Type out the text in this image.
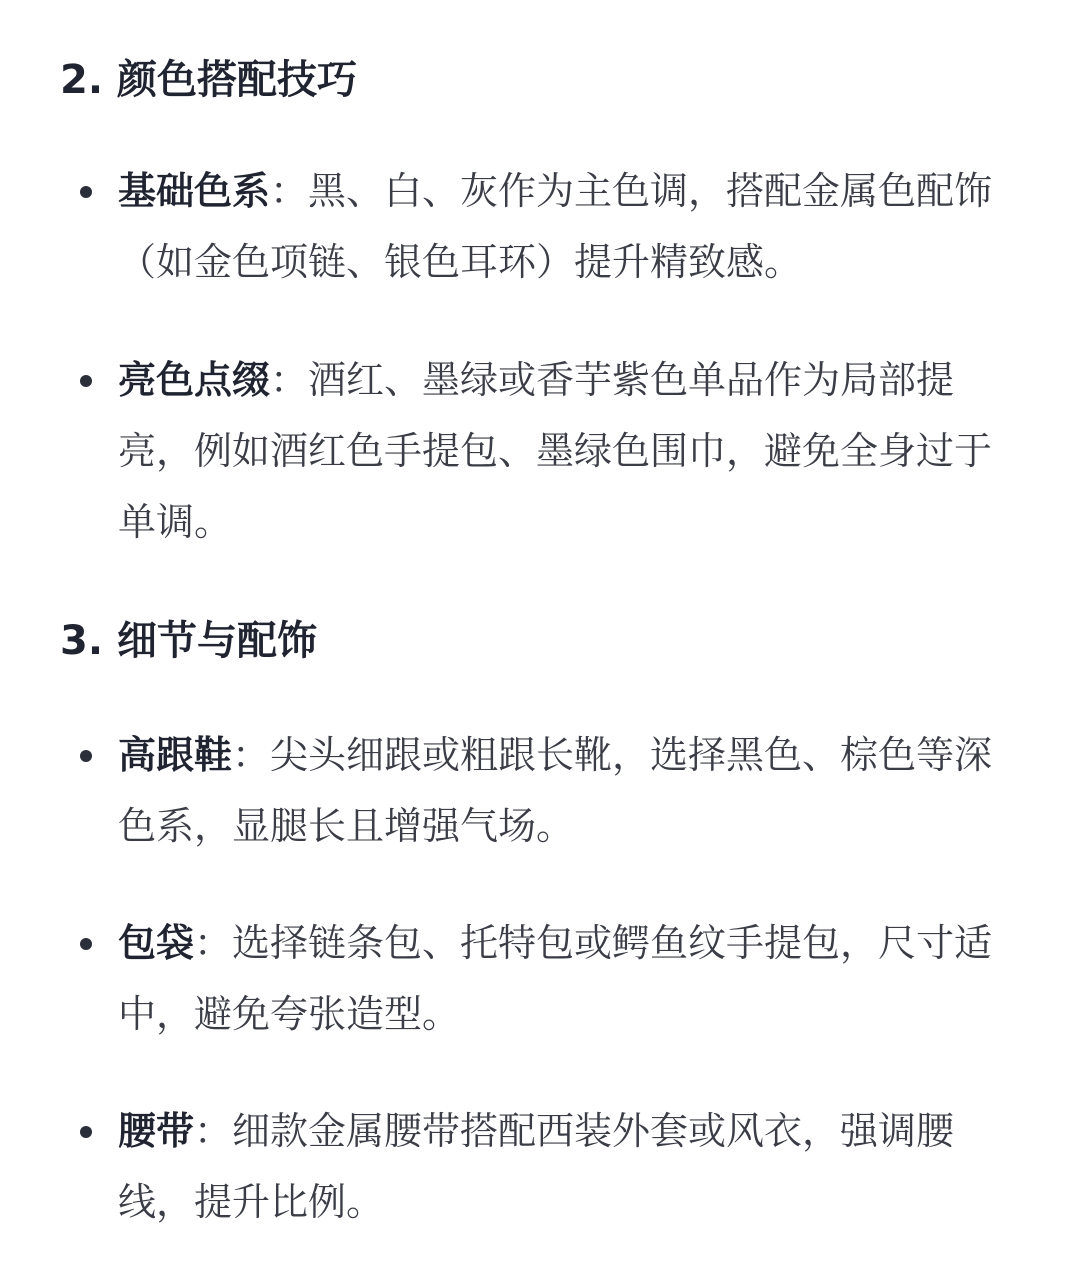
2. 颜色搭配技巧

基础色系：黑、白、灰作为主色调，搭配金属色配饰（如金色项链、银色耳环）提升精致感。

亮色点缀：酒红、墨绿或香芋紫色单品作为局部提亮，例如酒红色手提包、墨绿色围巾，避免全身过于单调。

3. 细节与配饰

高跟鞋：尖头细跟或粗跟长靴，选择黑色、棕色等深色系，显腿长且增强气场。

包袋：选择链条包、托特包或鳄鱼纹手提包，尺寸适中，避免夸张造型。

腰带：细款金属腰带搭配西装外套或风衣，强调腰线，提升比例。
